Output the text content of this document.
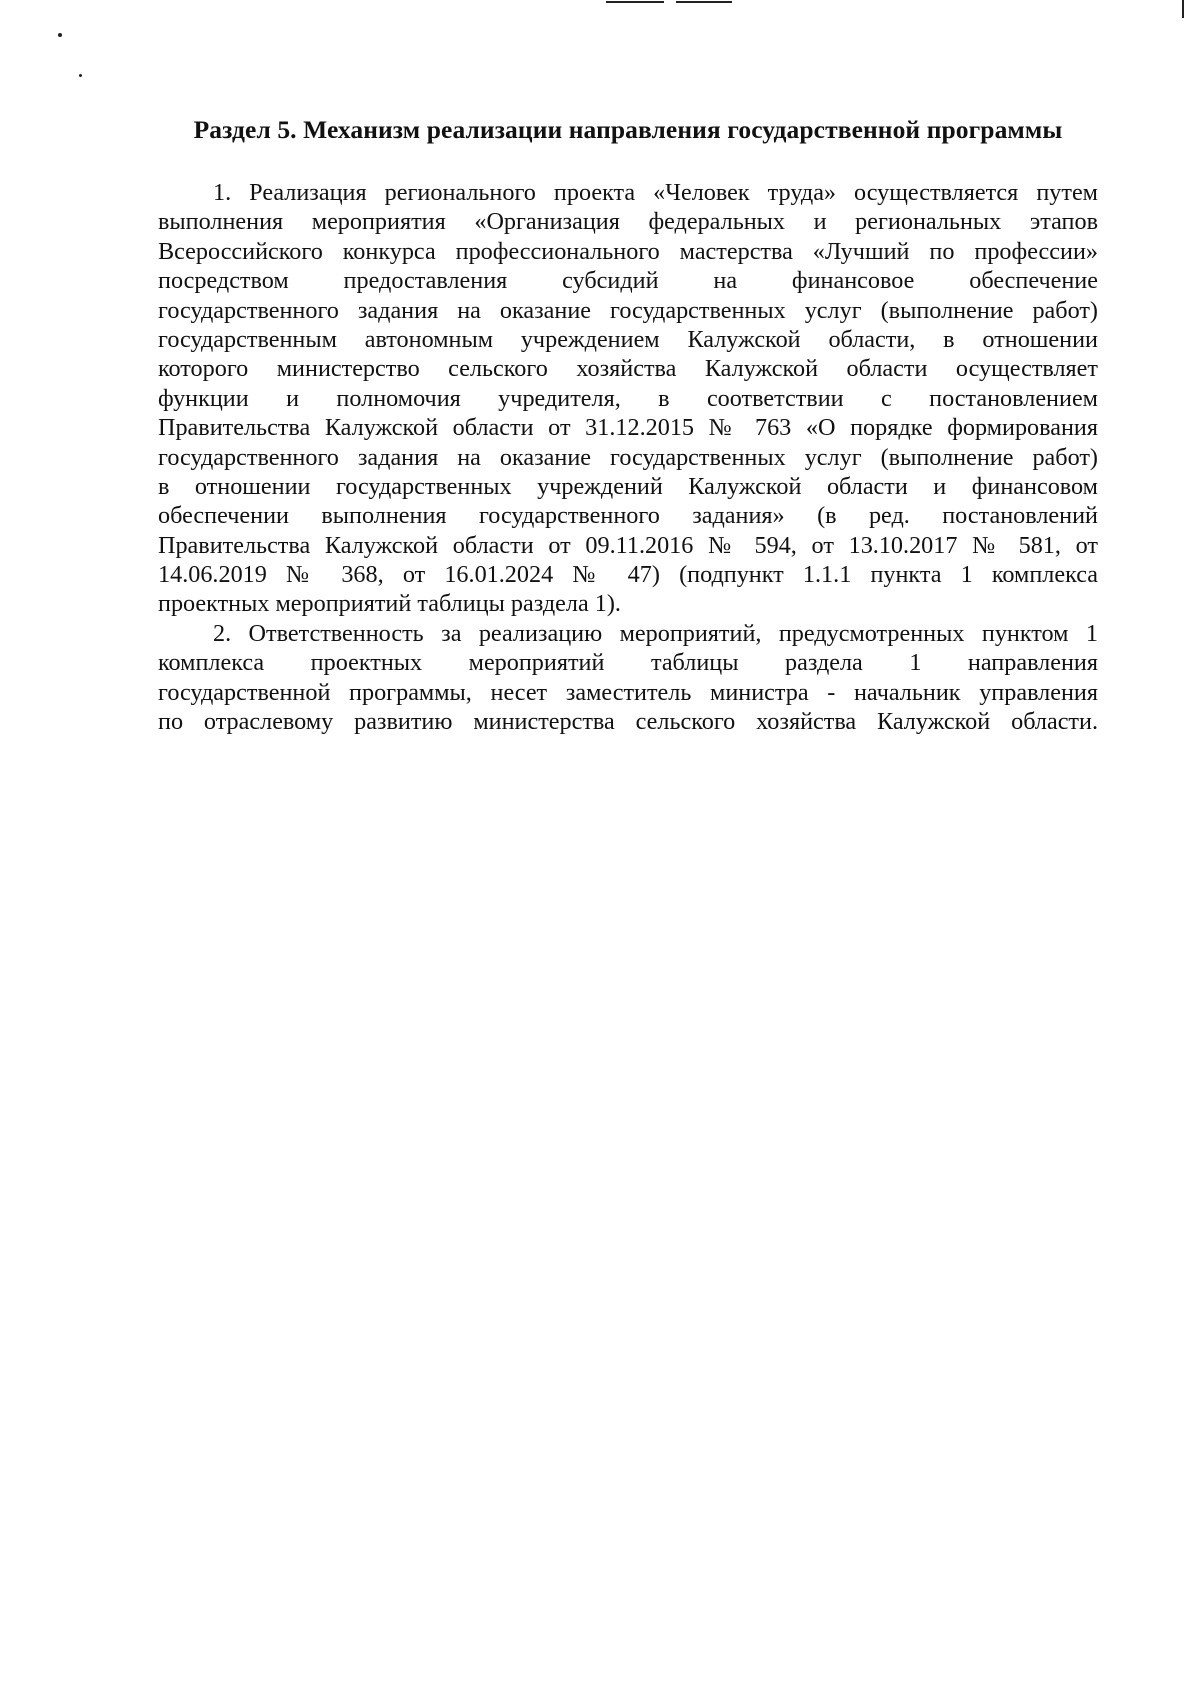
Раздел 5. Механизм реализации направления государственной программы
1. Реализация регионального проекта «Человек труда» осуществляется путем
выполнения мероприятия «Организация федеральных и региональных этапов
Всероссийского конкурса профессионального мастерства «Лучший по профессии»
посредством предоставления субсидий на финансовое обеспечение
государственного задания на оказание государственных услуг (выполнение работ)
государственным автономным учреждением Калужской области, в отношении
которого министерство сельского хозяйства Калужской области осуществляет
функции и полномочия учредителя, в соответствии с постановлением
Правительства Калужской области от 31.12.2015 № 763 «О порядке формирования
государственного задания на оказание государственных услуг (выполнение работ)
в отношении государственных учреждений Калужской области и финансовом
обеспечении выполнения государственного задания» (в ред. постановлений
Правительства Калужской области от 09.11.2016 № 594, от 13.10.2017 № 581, от
14.06.2019 № 368, от 16.01.2024 № 47) (подпункт 1.1.1 пункта 1 комплекса
проектных мероприятий таблицы раздела 1).
2. Ответственность за реализацию мероприятий, предусмотренных пунктом 1
комплекса проектных мероприятий таблицы раздела 1 направления
государственной программы, несет заместитель министра - начальник управления
по отраслевому развитию министерства сельского хозяйства Калужской области.
